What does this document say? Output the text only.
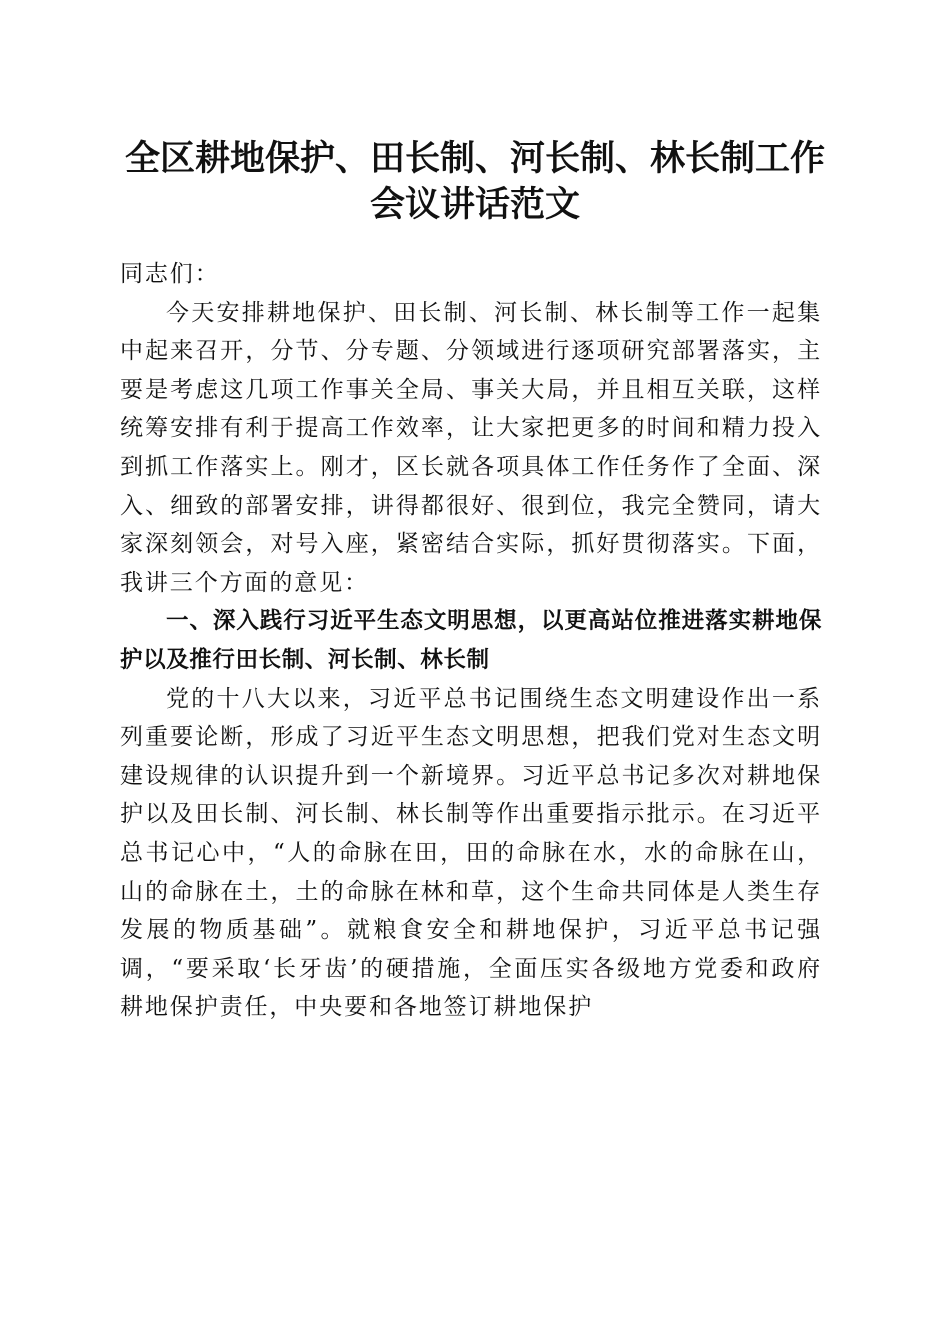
全区耕地保护、田长制、河长制、林长制工作
会议讲话范文

同志们：

今天安排耕地保护、田长制、河长制、林长制等工作一起集中起来召开，分节、分专题、分领域进行逐项研究部署落实，主要是考虑这几项工作事关全局、事关大局，并且相互关联，这样统筹安排有利于提高工作效率，让大家把更多的时间和精力投入到抓工作落实上。刚才，区长就各项具体工作任务作了全面、深入、细致的部署安排，讲得都很好、很到位，我完全赞同，请大家深刻领会，对号入座，紧密结合实际，抓好贯彻落实。下面，我讲三个方面的意见：

一、深入践行习近平生态文明思想，以更高站位推进落实耕地保护以及推行田长制、河长制、林长制

党的十八大以来，习近平总书记围绕生态文明建设作出一系列重要论断，形成了习近平生态文明思想，把我们党对生态文明建设规律的认识提升到一个新境界。习近平总书记多次对耕地保护以及田长制、河长制、林长制等作出重要指示批示。在习近平总书记心中，“人的命脉在田，田的命脉在水，水的命脉在山，山的命脉在土，土的命脉在林和草，这个生命共同体是人类生存发展的物质基础”。就粮食安全和耕地保护，习近平总书记强调，“要采取‘长牙齿’的硬措施，全面压实各级地方党委和政府耕地保护责任，中央要和各地签订耕地保护
